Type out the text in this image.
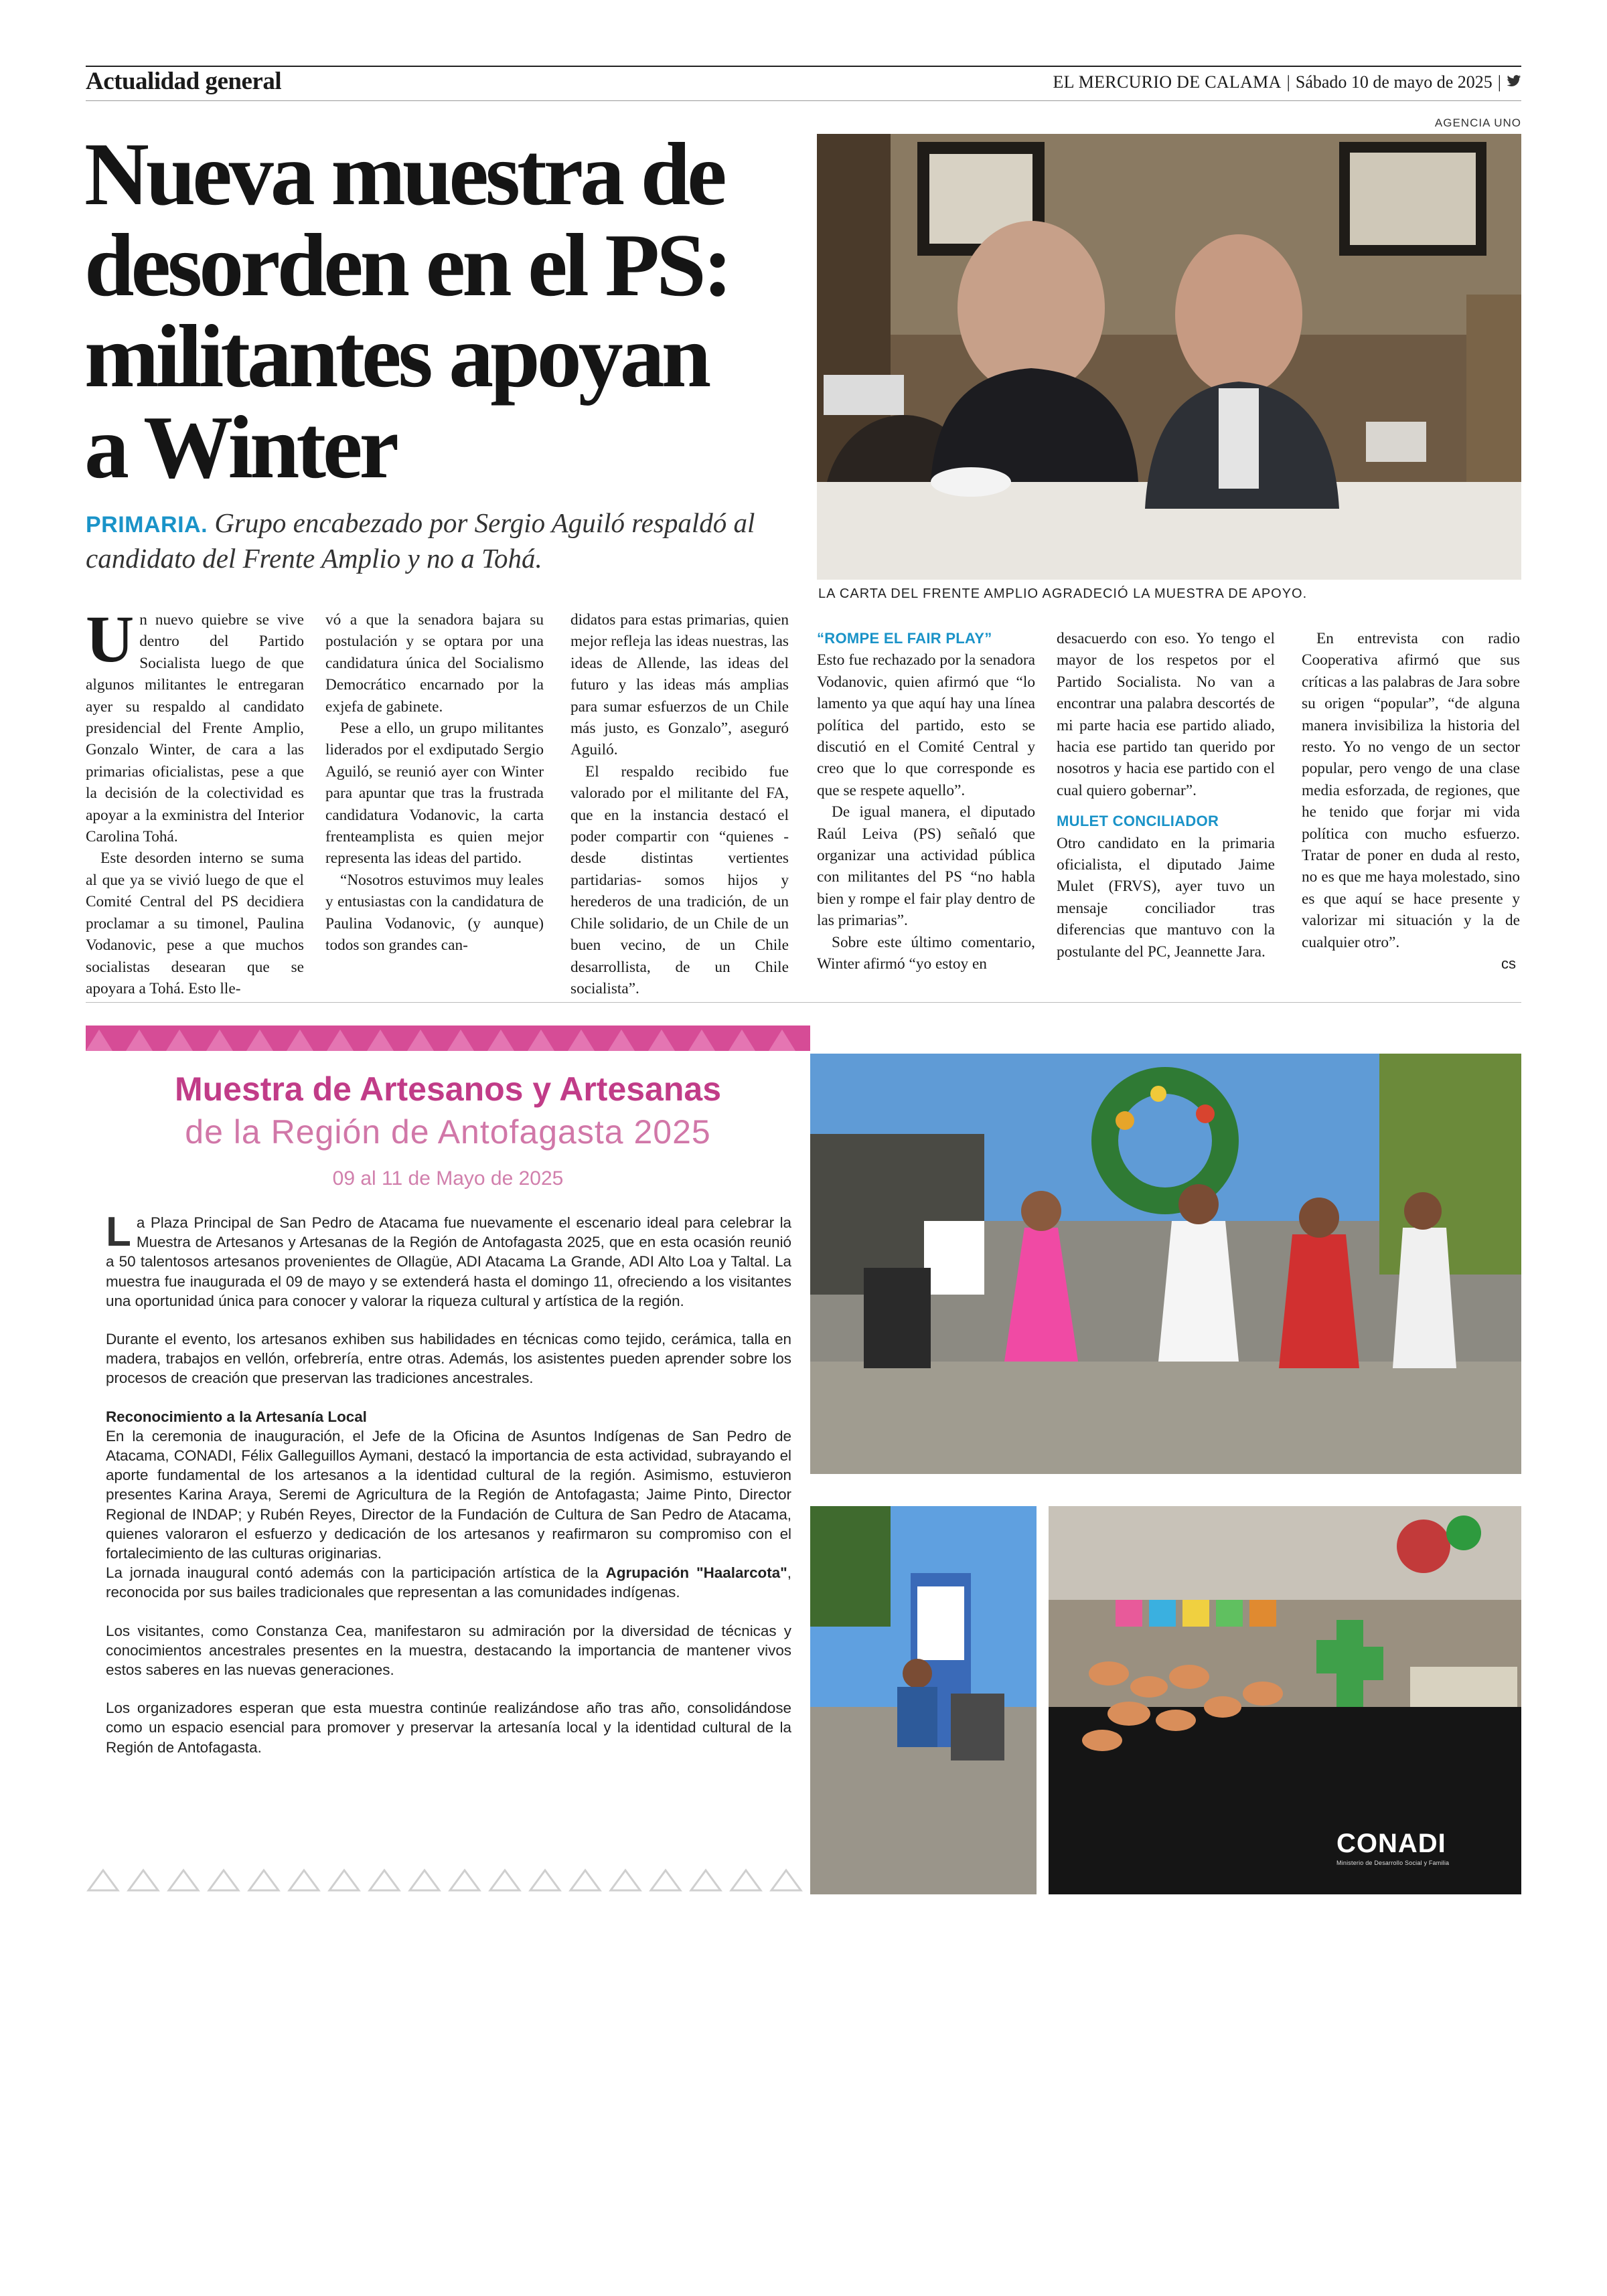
Actualidad general	EL MERCURIO DE CALAMA | Sábado 10 de mayo de 2025 |
Nueva muestra de
desorden en el PS:
militantes apoyan
a Winter
PRIMARIA. Grupo encabezado por Sergio Aguiló respaldó al candidato del Frente Amplio y no a Tohá.
AGENCIA UNO
LA CARTA DEL FRENTE AMPLIO AGRADECIÓ LA MUESTRA DE APOYO.

Un nuevo quiebre se vive dentro del Partido Socialista luego de que algunos militantes le entregaran ayer su respaldo al candidato presidencial del Frente Amplio, Gonzalo Winter, de cara a las primarias oficialistas, pese a que la decisión de la colectividad es apoyar a la exministra del Interior Carolina Tohá.

Este desorden interno se suma al que ya se vivió luego de que el Comité Central del PS decidiera proclamar a su timonel, Paulina Vodanovic, pese a que muchos socialistas desearan que se apoyara a Tohá. Esto lle-

vó a que la senadora bajara su postulación y se optara por una candidatura única del Socialismo Democrático encarnado por la exjefa de gabinete.

Pese a ello, un grupo militantes liderados por el exdiputado Sergio Aguiló, se reunió ayer con Winter para apuntar que tras la frustrada candidatura Vodanovic, la carta frenteamplista es quien mejor representa las ideas del partido.

“Nosotros estuvimos muy leales y entusiastas con la candidatura de Paulina Vodanovic, (y aunque) todos son grandes can-

didatos para estas primarias, quien mejor refleja las ideas nuestras, las ideas de Allende, las ideas del futuro y las ideas más amplias para sumar esfuerzos de un Chile más justo, es Gonzalo”, aseguró Aguiló.

El respaldo recibido fue valorado por el militante del FA, que en la instancia destacó el poder compartir con “quienes -desde distintas vertientes partidarias- somos hijos y herederos de una tradición, de un Chile solidario, de un Chile de un buen vecino, de un Chile desarrollista, de un Chile socialista”.

“ROMPE EL FAIR PLAY”

Esto fue rechazado por la senadora Vodanovic, quien afirmó que “lo lamento ya que aquí hay una línea política del partido, esto se discutió en el Comité Central y creo que lo que corresponde es que se respete aquello”.

De igual manera, el diputado Raúl Leiva (PS) señaló que organizar una actividad pública con militantes del PS “no habla bien y rompe el fair play dentro de las primarias”.

Sobre este último comentario, Winter afirmó “yo estoy en

desacuerdo con eso. Yo tengo el mayor de los respetos por el Partido Socialista. No van a encontrar una palabra descortés de mi parte hacia ese partido aliado, hacia ese partido tan querido por nosotros y hacia ese partido con el cual quiero gobernar”.

MULET CONCILIADOR

Otro candidato en la primaria oficialista, el diputado Jaime Mulet (FRVS), ayer tuvo un mensaje conciliador tras diferencias que mantuvo con la postulante del PC, Jeannette Jara.

En entrevista con radio Cooperativa afirmó que sus críticas a las palabras de Jara sobre su origen “popular”, “de alguna manera invisibiliza la historia del resto. Yo no vengo de un sector popular, pero vengo de una clase media esforzada, de regiones, que he tenido que forjar mi vida política con mucho esfuerzo. Tratar de poner en duda al resto, no es que me haya molestado, sino es que aquí se hace presente y valorizar mi situación y la de cualquier otro”.

cs
Muestra de Artesanos y Artesanas
de la Región de Antofagasta 2025
09 al 11 de Mayo de 2025

La Plaza Principal de San Pedro de Atacama fue nuevamente el escenario ideal para celebrar la Muestra de Artesanos y Artesanas de la Región de Antofagasta 2025, que en esta ocasión reunió a 50 talentosos artesanos provenientes de Ollagüe, ADI Atacama La Grande, ADI Alto Loa y Taltal. La muestra fue inaugurada el 09 de mayo y se extenderá hasta el domingo 11, ofreciendo a los visitantes una oportunidad única para conocer y valorar la riqueza cultural y artística de la región.

Durante el evento, los artesanos exhiben sus habilidades en técnicas como tejido, cerámica, talla en madera, trabajos en vellón, orfebrería, entre otras. Además, los asistentes pueden aprender sobre los procesos de creación que preservan las tradiciones ancestrales.

Reconocimiento a la Artesanía Local

En la ceremonia de inauguración, el Jefe de la Oficina de Asuntos Indígenas de San Pedro de Atacama, CONADI, Félix Galleguillos Aymani, destacó la importancia de esta actividad, subrayando el aporte fundamental de los artesanos a la identidad cultural de la región. Asimismo, estuvieron presentes Karina Araya, Seremi de Agricultura de la Región de Antofagasta; Jaime Pinto, Director Regional de INDAP; y Rubén Reyes, Director de la Fundación de Cultura de San Pedro de Atacama, quienes valoraron el esfuerzo y dedicación de los artesanos y reafirmaron su compromiso con el fortalecimiento de las culturas originarias.

La jornada inaugural contó además con la participación artística de la Agrupación "Haalarcota", reconocida por sus bailes tradicionales que representan a las comunidades indígenas.

Los visitantes, como Constanza Cea, manifestaron su admiración por la diversidad de técnicas y conocimientos ancestrales presentes en la muestra, destacando la importancia de mantener vivos estos saberes en las nuevas generaciones.

Los organizadores esperan que esta muestra continúe realizándose año tras año, consolidándose como un espacio esencial para promover y preservar la artesanía local y la identidad cultural de la Región de Antofagasta.

CONADI
Ministerio de Desarrollo Social y Familia
